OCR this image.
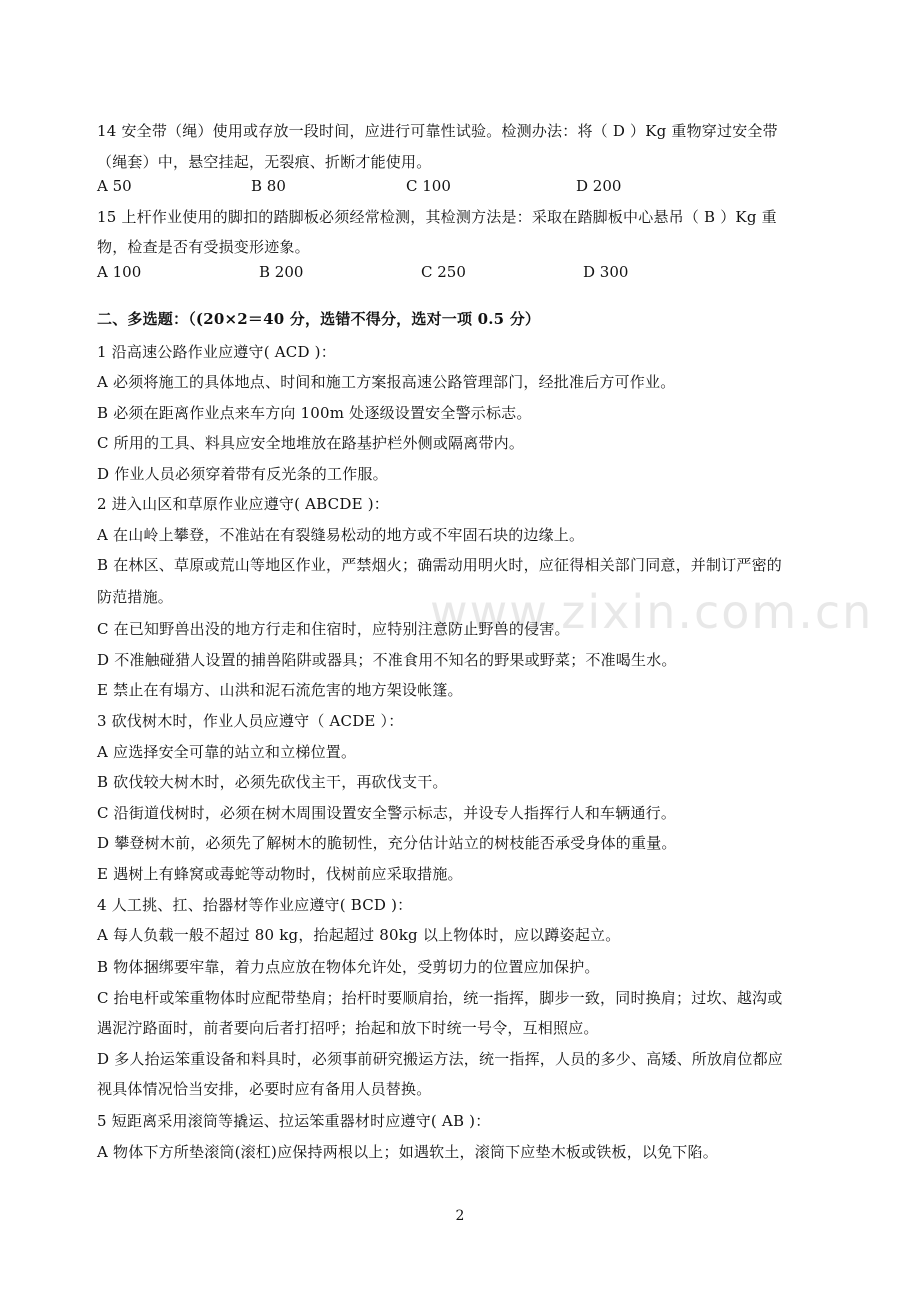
www.zixin.com.cn
14 安全带（绳）使用或存放一段时间，应进行可靠性试验。检测办法：将（ D ）Kg 重物穿过安全带
（绳套）中，悬空挂起，无裂痕、折断才能使用。
A 50	B 80	C 100	D 200
15 上杆作业使用的脚扣的踏脚板必须经常检测，其检测方法是：采取在踏脚板中心悬吊（ B ）Kg 重
物，检查是否有受损变形迹象。
A 100	B 200	C 250	D 300
二、多选题：（(20×2＝40 分，选错不得分，选对一项 0.5 分）
1 沿高速公路作业应遵守( ACD )：
A 必须将施工的具体地点、时间和施工方案报高速公路管理部门，经批准后方可作业。
B 必须在距离作业点来车方向 100m 处逐级设置安全警示标志。
C 所用的工具、料具应安全地堆放在路基护栏外侧或隔离带内。
D 作业人员必须穿着带有反光条的工作服。
2 进入山区和草原作业应遵守( ABCDE )：
A 在山岭上攀登，不准站在有裂缝易松动的地方或不牢固石块的边缘上。
B 在林区、草原或荒山等地区作业，严禁烟火；确需动用明火时，应征得相关部门同意，并制订严密的
防范措施。
C 在已知野兽出没的地方行走和住宿时，应特别注意防止野兽的侵害。
D 不准触碰猎人设置的捕兽陷阱或器具；不准食用不知名的野果或野菜；不准喝生水。
E 禁止在有塌方、山洪和泥石流危害的地方架设帐篷。
3 砍伐树木时，作业人员应遵守（ ACDE ）：
A 应选择安全可靠的站立和立梯位置。
B 砍伐较大树木时，必须先砍伐主干，再砍伐支干。
C 沿街道伐树时，必须在树木周围设置安全警示标志，并设专人指挥行人和车辆通行。
D 攀登树木前，必须先了解树木的脆韧性，充分估计站立的树枝能否承受身体的重量。
E 遇树上有蜂窝或毒蛇等动物时，伐树前应采取措施。
4 人工挑、扛、抬器材等作业应遵守( BCD )：
A 每人负载一般不超过 80 kg，抬起超过 80kg 以上物体时，应以蹲姿起立。
B 物体捆绑要牢靠，着力点应放在物体允许处，受剪切力的位置应加保护。
C 抬电杆或笨重物体时应配带垫肩；抬杆时要顺肩抬，统一指挥，脚步一致，同时换肩；过坎、越沟或
遇泥泞路面时，前者要向后者打招呼；抬起和放下时统一号令，互相照应。
D 多人抬运笨重设备和料具时，必须事前研究搬运方法，统一指挥，人员的多少、高矮、所放肩位都应
视具体情况恰当安排，必要时应有备用人员替换。
5 短距离采用滚筒等撬运、拉运笨重器材时应遵守( AB )：
A 物体下方所垫滚筒(滚杠)应保持两根以上；如遇软土，滚筒下应垫木板或铁板，以免下陷。
2
